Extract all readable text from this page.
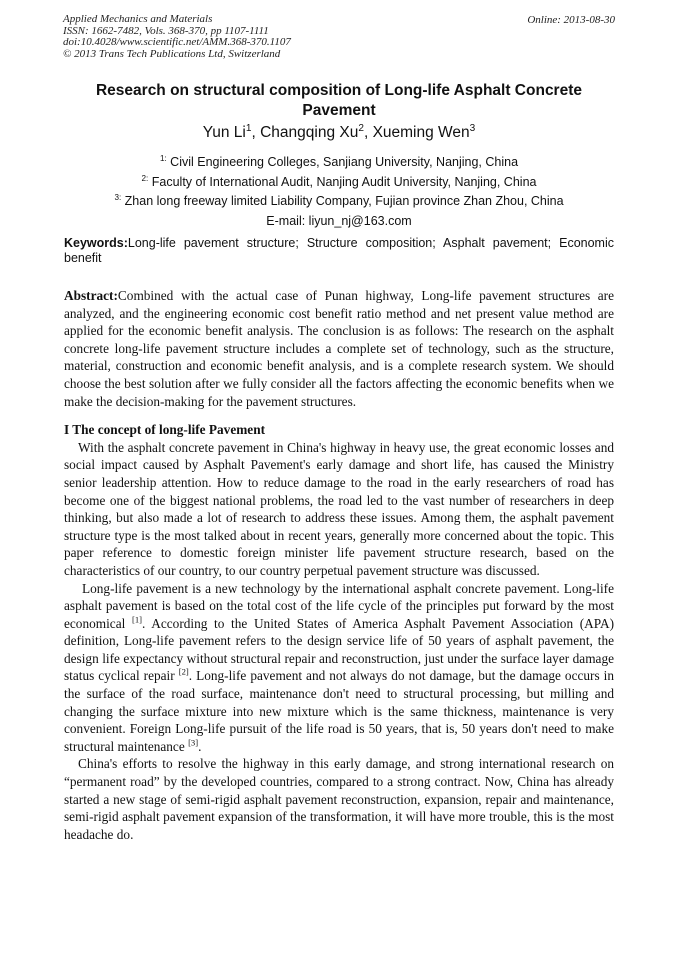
Applied Mechanics and Materials
ISSN: 1662-7482, Vols. 368-370, pp 1107-1111
doi:10.4028/www.scientific.net/AMM.368-370.1107
© 2013 Trans Tech Publications Ltd, Switzerland
Online: 2013-08-30
Research on structural composition of Long-life Asphalt Concrete Pavement
Yun Li$^1$, Changqing Xu$^2$, Xueming Wen$^3$
$^{1:}$ Civil Engineering Colleges, Sanjiang University, Nanjing, China
$^{2:}$ Faculty of International Audit, Nanjing Audit University, Nanjing, China
$^{3:}$ Zhan long freeway limited Liability Company, Fujian province Zhan Zhou, China
E-mail: liyun_nj@163.com
Keywords:Long-life pavement structure; Structure composition; Asphalt pavement; Economic benefit

Abstract:Combined with the actual case of Punan highway, Long-life pavement structures are analyzed, and the engineering economic cost benefit ratio method and net present value method are applied for the economic benefit analysis. The conclusion is as follows: The research on the asphalt concrete long-life pavement structure includes a complete set of technology, such as the structure, material, construction and economic benefit analysis, and is a complete research system. We should choose the best solution after we fully consider all the factors affecting the economic benefits when we make the decision-making for the pavement structures.

I The concept of long-life Pavement

With the asphalt concrete pavement in China's highway in heavy use, the great economic losses and social impact caused by Asphalt Pavement's early damage and short life, has caused the Ministry senior leadership attention. How to reduce damage to the road in the early researchers of road has become one of the biggest national problems, the road led to the vast number of researchers in deep thinking, but also made a lot of research to address these issues. Among them, the asphalt pavement structure type is the most talked about in recent years, generally more concerned about the topic. This paper reference to domestic foreign minister life pavement structure research, based on the characteristics of our country, to our country perpetual pavement structure was discussed.

Long-life pavement is a new technology by the international asphalt concrete pavement. Long-life asphalt pavement is based on the total cost of the life cycle of the principles put forward by the most economical [1]. According to the United States of America Asphalt Pavement Association (APA) definition, Long-life pavement refers to the design service life of 50 years of asphalt pavement, the design life expectancy without structural repair and reconstruction, just under the surface layer damage status cyclical repair [2]. Long-life pavement and not always do not damage, but the damage occurs in the surface of the road surface, maintenance don't need to structural processing, but milling and changing the surface mixture into new mixture which is the same thickness, maintenance is very convenient. Foreign Long-life pursuit of the life road is 50 years, that is, 50 years don't need to make structural maintenance [3].

China's efforts to resolve the highway in this early damage, and strong international research on “permanent road” by the developed countries, compared to a strong contract. Now, China has already started a new stage of semi-rigid asphalt pavement reconstruction, expansion, repair and maintenance, semi-rigid asphalt pavement expansion of the transformation, it will have more trouble, this is the most headache do.
